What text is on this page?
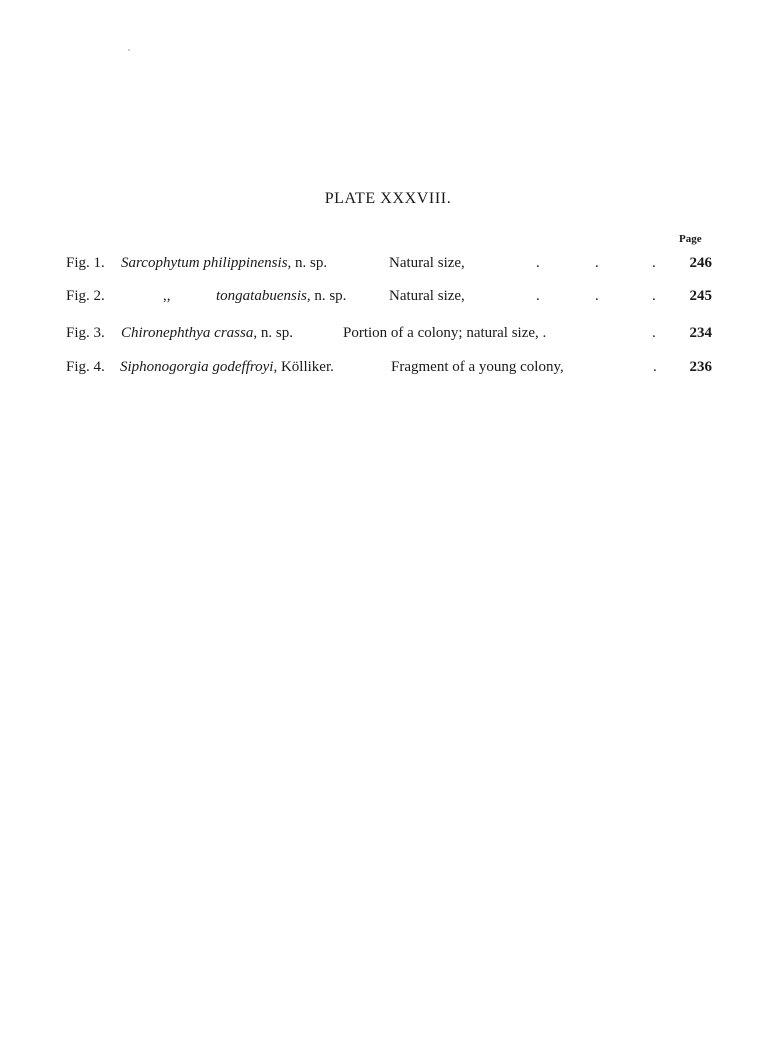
PLATE XXXVIII.
Page
Fig. 1. Sarcophytum philippinensis, n. sp.	Natural size,	.	.	. 246
Fig. 2.	,,	tongatabuensis, n. sp.	Natural size,	.	.	. 245
Fig. 3. Chironephthya crassa, n. sp.	Portion of a colony; natural size, .	. 234
Fig. 4. Siphonogorgia godeffroyi, Kölliker.	Fragment of a young colony,	. 236
